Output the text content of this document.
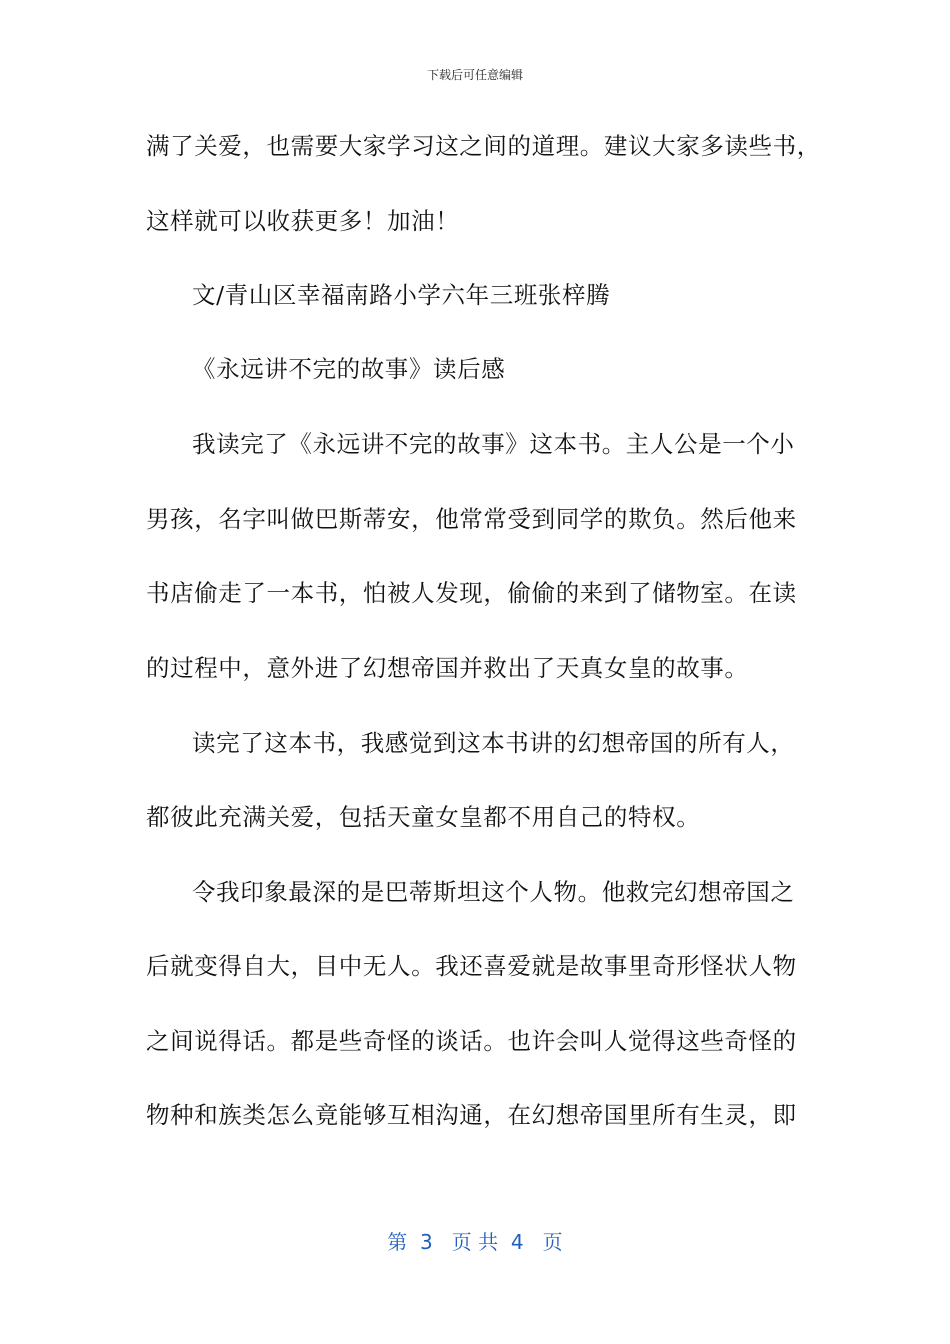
下载后可任意编辑
满了关爱，也需要大家学习这之间的道理。建议大家多读些书，
这样就可以收获更多！加油！
文/青山区幸福南路小学六年三班张梓腾
《永远讲不完的故事》读后感
我读完了《永远讲不完的故事》这本书。主人公是一个小
男孩，名字叫做巴斯蒂安，他常常受到同学的欺负。然后他来
书店偷走了一本书，怕被人发现，偷偷的来到了储物室。在读
的过程中，意外进了幻想帝国并救出了天真女皇的故事。
读完了这本书，我感觉到这本书讲的幻想帝国的所有人，
都彼此充满关爱，包括天童女皇都不用自己的特权。
令我印象最深的是巴蒂斯坦这个人物。他救完幻想帝国之
后就变得自大，目中无人。我还喜爱就是故事里奇形怪状人物
之间说得话。都是些奇怪的谈话。也许会叫人觉得这些奇怪的
物种和族类怎么竟能够互相沟通，在幻想帝国里所有生灵，即
第  3   页 共  4   页
